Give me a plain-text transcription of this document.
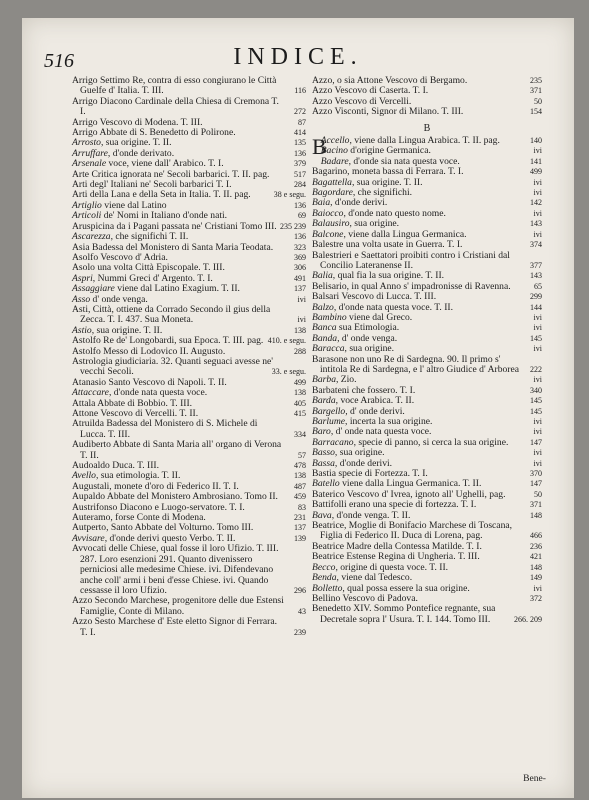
516	INDICE.
Arrigo Settimo Re, contra di esso congiurano le Città Guelfe d' Italia. T. III.	116
Arrigo Diacono Cardinale della Chiesa di Cremona T. I.	272
Arrigo Vescovo di Modena. T. III.	87
Arrigo Abbate di S. Benedetto di Polirone.	414
Arrosto, sua origine. T. II.	135
Arruffare, d'onde derivato.	136
Arsenale voce, viene dall' Arabico. T. I.	379
Arte Critica ignorata ne' Secoli barbarici. T. II. pag.	517
Arti degl' Italiani ne' Secoli barbarici T. I.	284
Arti della Lana e della Seta in Italia. T. II. pag.	38 e segu.
Artiglio viene dal Latino	136
Articoli de' Nomi in Italiano d'onde nati.	69
Aruspicina da i Pagani passata ne' Cristiani Tomo III. 235 239
Ascarezza, che significhi T. II.	136
Asia Badessa del Monistero di Santa Maria Teodata.	323
Asolfo Vescovo d' Adria.	369
Asolo una volta Città Episcopale. T. III.	306
Aspri, Nummi Greci d' Argento. T. I.	491
Assaggiare viene dal Latino Exagium. T. II.	137
Asso d' onde venga.	ivi
Asti, Città, ottiene da Corrado Secondo il gius della Zecca. T. I. 437. Sua Moneta.	ivi
Astio, sua origine. T. II.	138
Astolfo Re de' Longobardi, sua Epoca. T. III. pag. 410. e segu.
Astolfo Messo di Lodovico II. Augusto.	288
Astrologia giudiciaria. 32. Quanti seguaci avesse ne' vecchi Secoli.	33. e segu.
Atanasio Santo Vescovo di Napoli. T. II.	499
Attaccare, d'onde nata questa voce.	138
Attala Abbate di Bobbio. T. III.	405
Attone Vescovo di Vercelli. T. II.	415
Atruilda Badessa del Monistero di S. Michele di Lucca. T. III.	334
Audiberto Abbate di Santa Maria all' organo di Verona T. II.	57
Audoaldo Duca. T. III.	478
Avello, sua etimologia. T. II.	138
Augustali, monete d'oro di Federico II. T. I.	487
Aupaldo Abbate del Monistero Ambrosiano. Tomo II.	459
Austrifonso Diacono e Luogo-servatore. T. I.	83
Auteramo, forse Conte di Modena.	231
Autperto, Santo Abbate del Volturno. Tomo III.	137
Avvisare, d'onde derivi questo Verbo. T. II.	139
Avvocati delle Chiese, qual fosse il loro Ufizio. T. III. 287. Loro esenzioni 291. Quanto divenissero perniciosi alle medesime Chiese. ivi. Difendevano anche coll' armi i beni d'esse Chiese. ivi. Quando cessasse il loro Ufizio.	296
Azzo Secondo Marchese, progenitore delle due Estensi Famiglie, Conte di Milano.	43
Azzo Sesto Marchese d' Este eletto Signor di Ferrara. T. I.	239
Azzo, o sia Attone Vescovo di Bergamo.	235
Azzo Vescovo di Caserta. T. I.	371
Azzo Vescovo di Vercelli.	50
Azzo Visconti, Signor di Milano. T. III.	154
B
B
Accello, viene dalla Lingua Arabica. T. II. pag.	140
Bacino d'origine Germanica.	ivi
Badare, d'onde sia nata questa voce.	141
Bagarino, moneta bassa di Ferrara. T. I.	499
Bagattella, sua origine. T. II.	ivi
Bagordare, che significhi.	ivi
Baia, d'onde derivi.	142
Baiocco, d'onde nato questo nome.	ivi
Balausiro, sua origine.	143
Balcone, viene dalla Lingua Germanica.	ivi
Balestre una volta usate in Guerra. T. I.	374
Balestrieri e Saettatori proibiti contro i Cristiani dal Concilio Lateranense II.	377
Balia, qual fia la sua origine. T. II.	143
Belisario, in qual Anno s' impadronisse di Ravenna.	65
Balsari Vescovo di Lucca. T. III.	299
Balzo, d'onde nata questa voce. T. II.	144
Bambino viene dal Greco.	ivi
Banca sua Etimologia.	ivi
Banda, d' onde venga.	145
Baracca, sua origine.	ivi
Barasone non uno Re di Sardegna. 90. Il primo s' intitola Re di Sardegna, e l' altro Giudice d' Arborea 222
Barba, Zio.	ivi
Barbateni che fossero. T. I.	340
Barda, voce Arabica. T. II.	145
Bargello, d' onde derivi.	145
Barlume, incerta la sua origine.	ivi
Baro, d' onde nata questa voce.	ivi
Barracano, specie di panno, si cerca la sua origine.	147
Basso, sua origine.	ivi
Bassa, d'onde derivi.	ivi
Bastia specie di Fortezza. T. I.	370
Batello viene dalla Lingua Germanica. T. II.	147
Baterico Vescovo d' Ivrea, ignoto all' Ughelli, pag.	50
Battifolli erano una specie di fortezza. T. I.	371
Bava, d'onde venga. T. II.	148
Beatrice, Moglie di Bonifacio Marchese di Toscana, Figlia di Federico II. Duca di Lorena, pag.	466
Beatrice Madre della Contessa Matilde. T. I.	236
Beatrice Estense Regina di Ungheria. T. III.	421
Becco, origine di questa voce. T. II.	148
Benda, viene dal Tedesco.	149
Bolletto, qual possa essere la sua origine.	ivi
Bellino Vescovo di Padova.	372
Benedetto XIV. Sommo Pontefice regnante, sua Decretale sopra l' Usura. T. I. 144. Tomo III.	266. 209
Bene-
